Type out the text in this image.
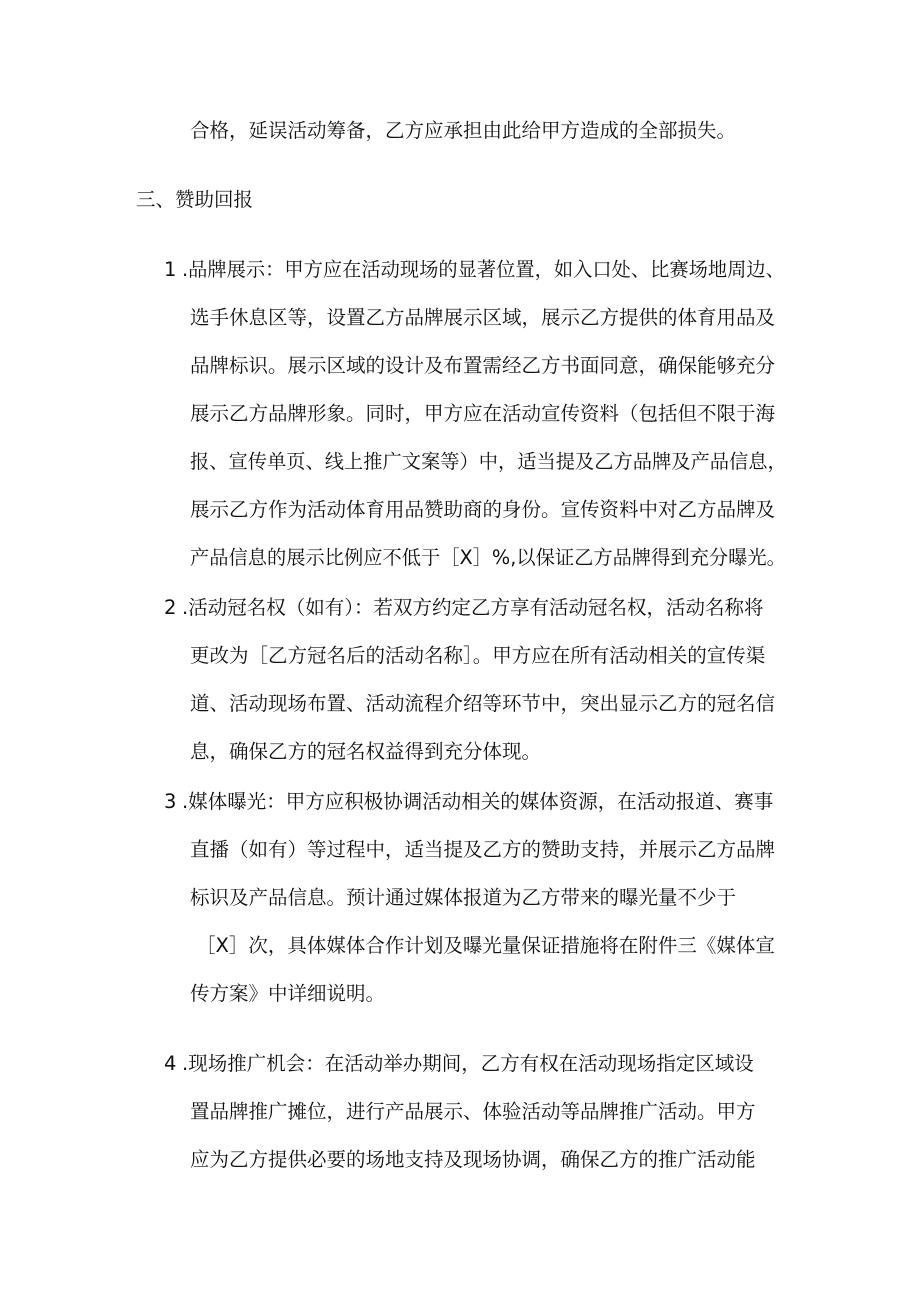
合格，延误活动筹备，乙方应承担由此给甲方造成的全部损失。
三、赞助回报
1 .品牌展示：甲方应在活动现场的显著位置，如入口处、比赛场地周边、
选手休息区等，设置乙方品牌展示区域，展示乙方提供的体育用品及
品牌标识。展示区域的设计及布置需经乙方书面同意，确保能够充分
展示乙方品牌形象。同时，甲方应在活动宣传资料（包括但不限于海
报、宣传单页、线上推广文案等）中，适当提及乙方品牌及产品信息，
展示乙方作为活动体育用品赞助商的身份。宣传资料中对乙方品牌及
产品信息的展示比例应不低于［X］%,以保证乙方品牌得到充分曝光。
2 .活动冠名权（如有）：若双方约定乙方享有活动冠名权，活动名称将
更改为［乙方冠名后的活动名称］。甲方应在所有活动相关的宣传渠
道、活动现场布置、活动流程介绍等环节中，突出显示乙方的冠名信
息，确保乙方的冠名权益得到充分体现。
3 .媒体曝光：甲方应积极协调活动相关的媒体资源，在活动报道、赛事
直播（如有）等过程中，适当提及乙方的赞助支持，并展示乙方品牌
标识及产品信息。预计通过媒体报道为乙方带来的曝光量不少于
［X］次，具体媒体合作计划及曝光量保证措施将在附件三《媒体宣
传方案》中详细说明。
4 .现场推广机会：在活动举办期间，乙方有权在活动现场指定区域设
置品牌推广摊位，进行产品展示、体验活动等品牌推广活动。甲方
应为乙方提供必要的场地支持及现场协调，确保乙方的推广活动能
